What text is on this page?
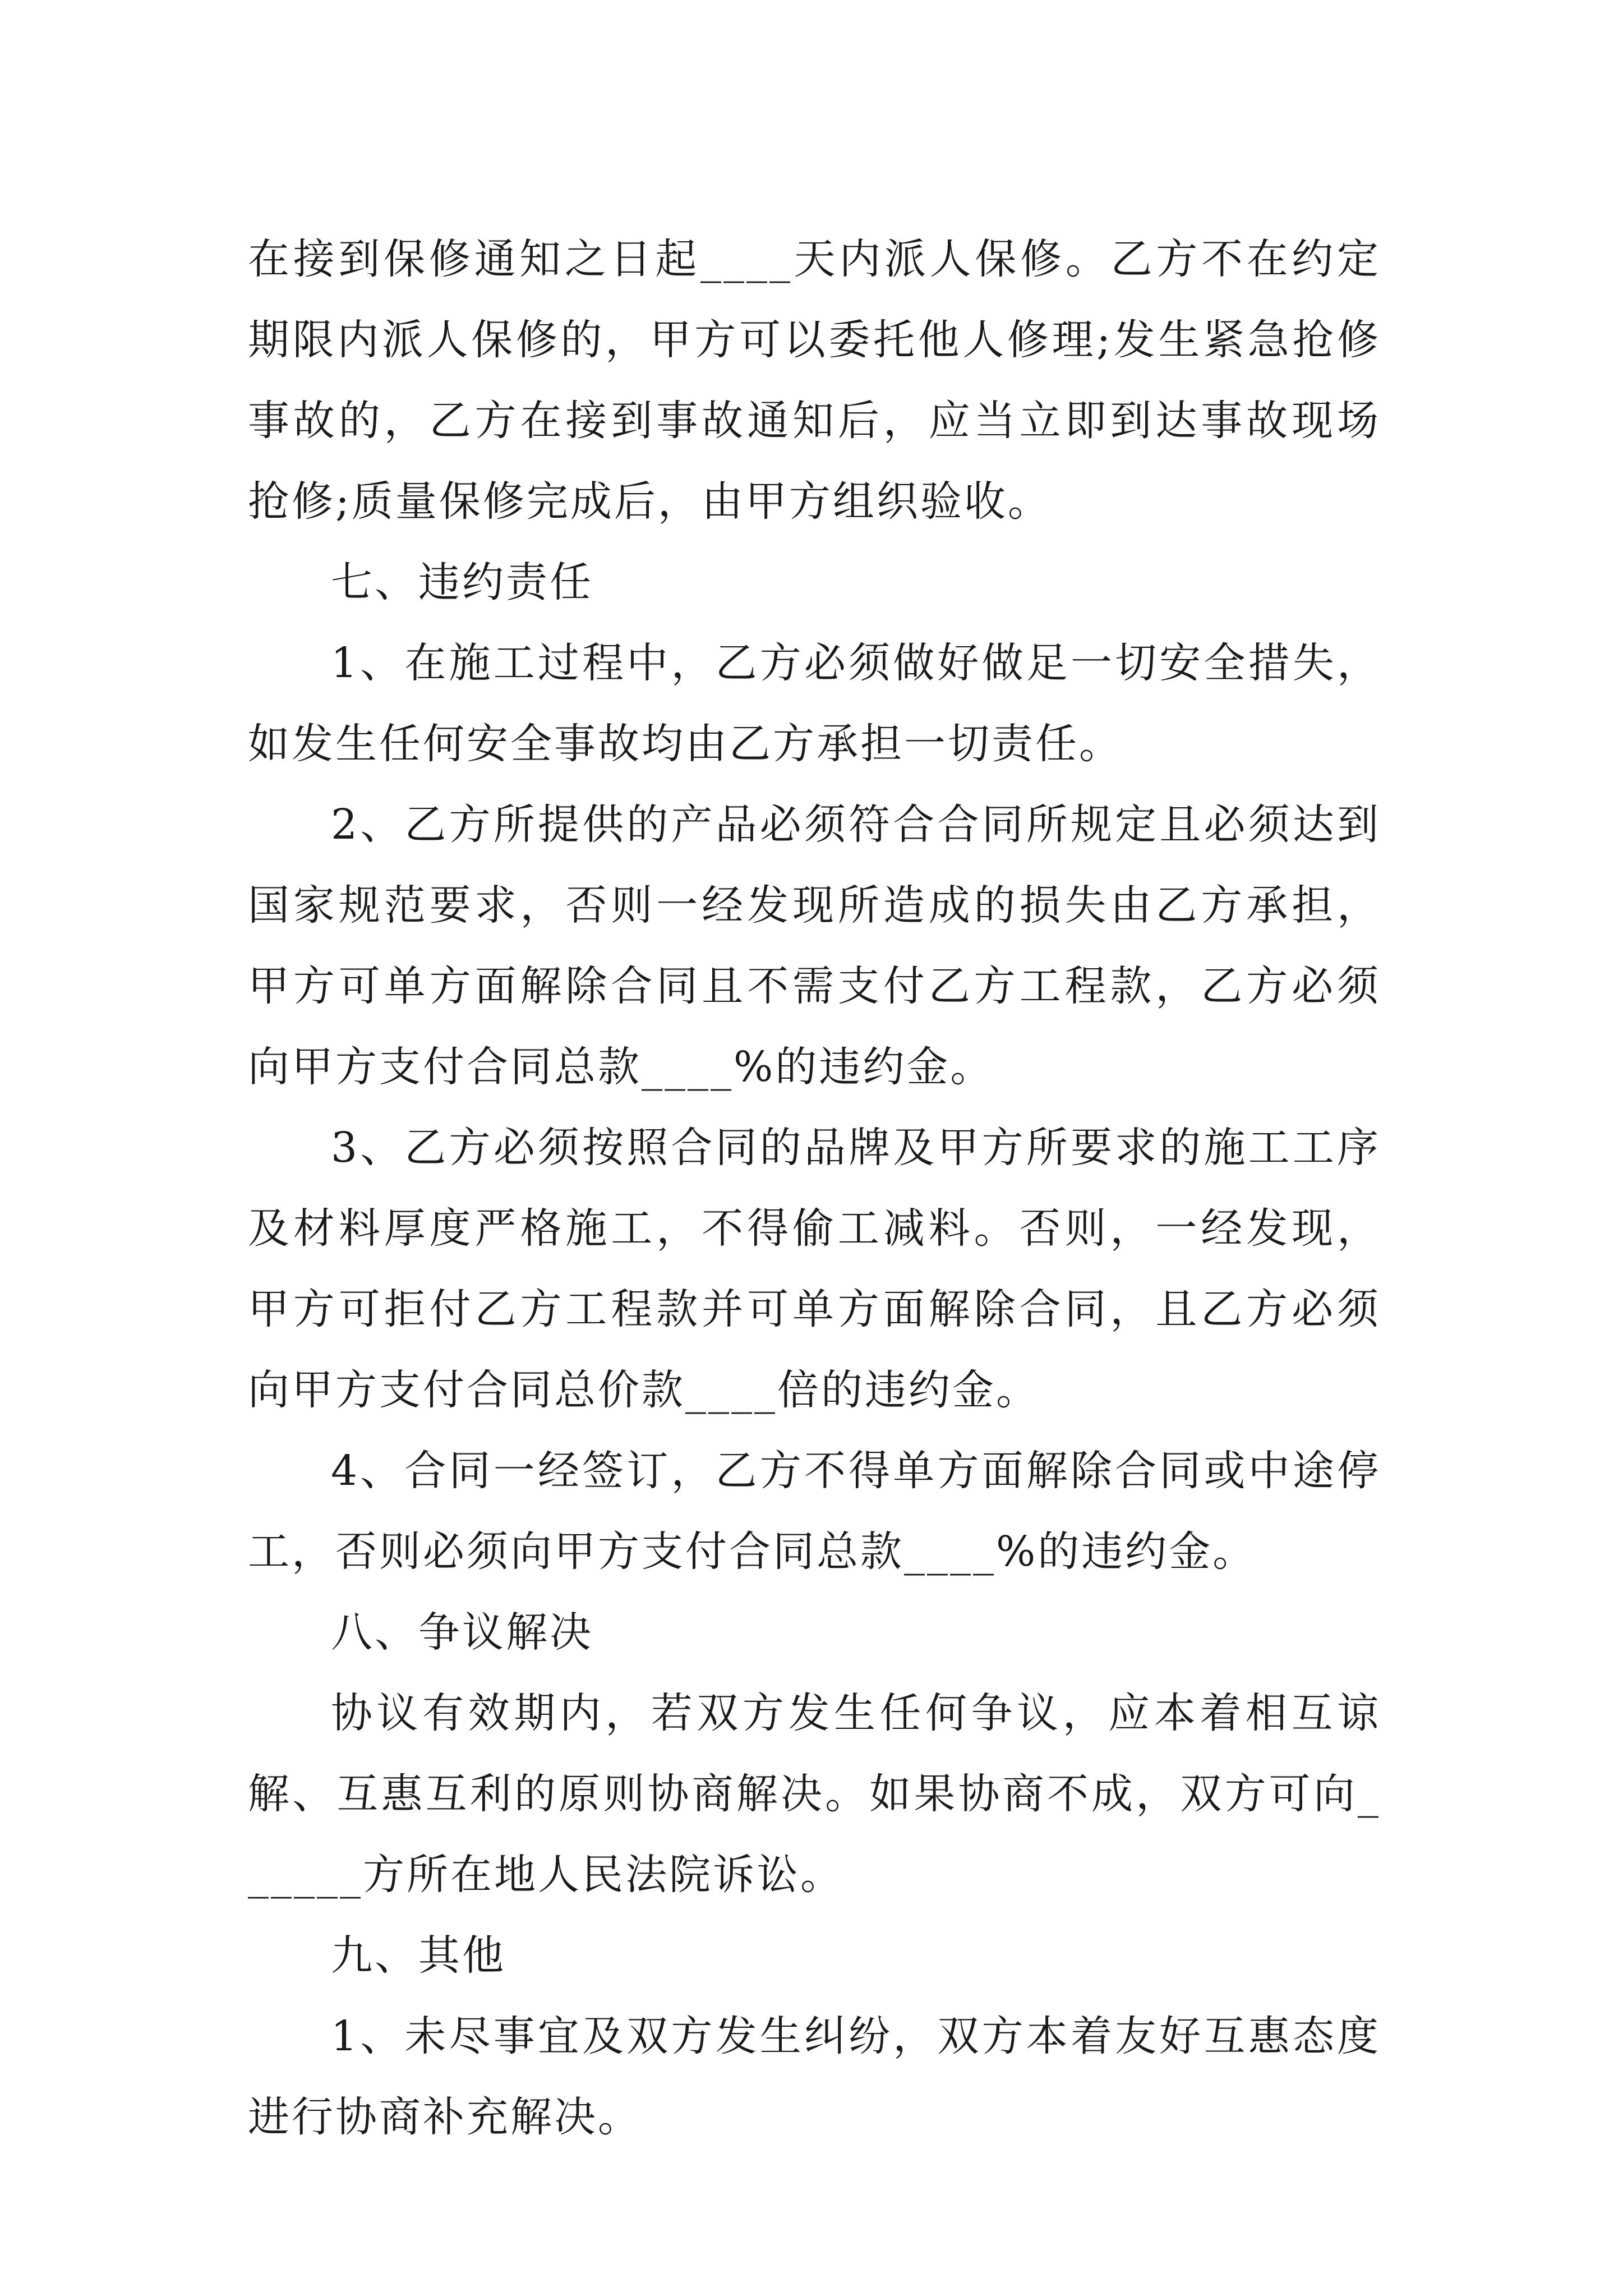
在接到保修通知之日起____天内派人保修。乙方不在约定期限内派人保修的，甲方可以委托他人修理;发生紧急抢修事故的，乙方在接到事故通知后，应当立即到达事故现场抢修;质量保修完成后，由甲方组织验收。

七、违约责任

1、在施工过程中，乙方必须做好做足一切安全措失，如发生任何安全事故均由乙方承担一切责任。

2、乙方所提供的产品必须符合合同所规定且必须达到国家规范要求，否则一经发现所造成的损失由乙方承担，甲方可单方面解除合同且不需支付乙方工程款，乙方必须向甲方支付合同总款____%的违约金。

3、乙方必须按照合同的品牌及甲方所要求的施工工序及材料厚度严格施工，不得偷工减料。否则，一经发现，甲方可拒付乙方工程款并可单方面解除合同，且乙方必须向甲方支付合同总价款____倍的违约金。

4、合同一经签订，乙方不得单方面解除合同或中途停工，否则必须向甲方支付合同总款____%的违约金。

八、争议解决

协议有效期内，若双方发生任何争议，应本着相互谅解、互惠互利的原则协商解决。如果协商不成，双方可向______方所在地人民法院诉讼。

九、其他

1、未尽事宜及双方发生纠纷，双方本着友好互惠态度进行协商补充解决。
